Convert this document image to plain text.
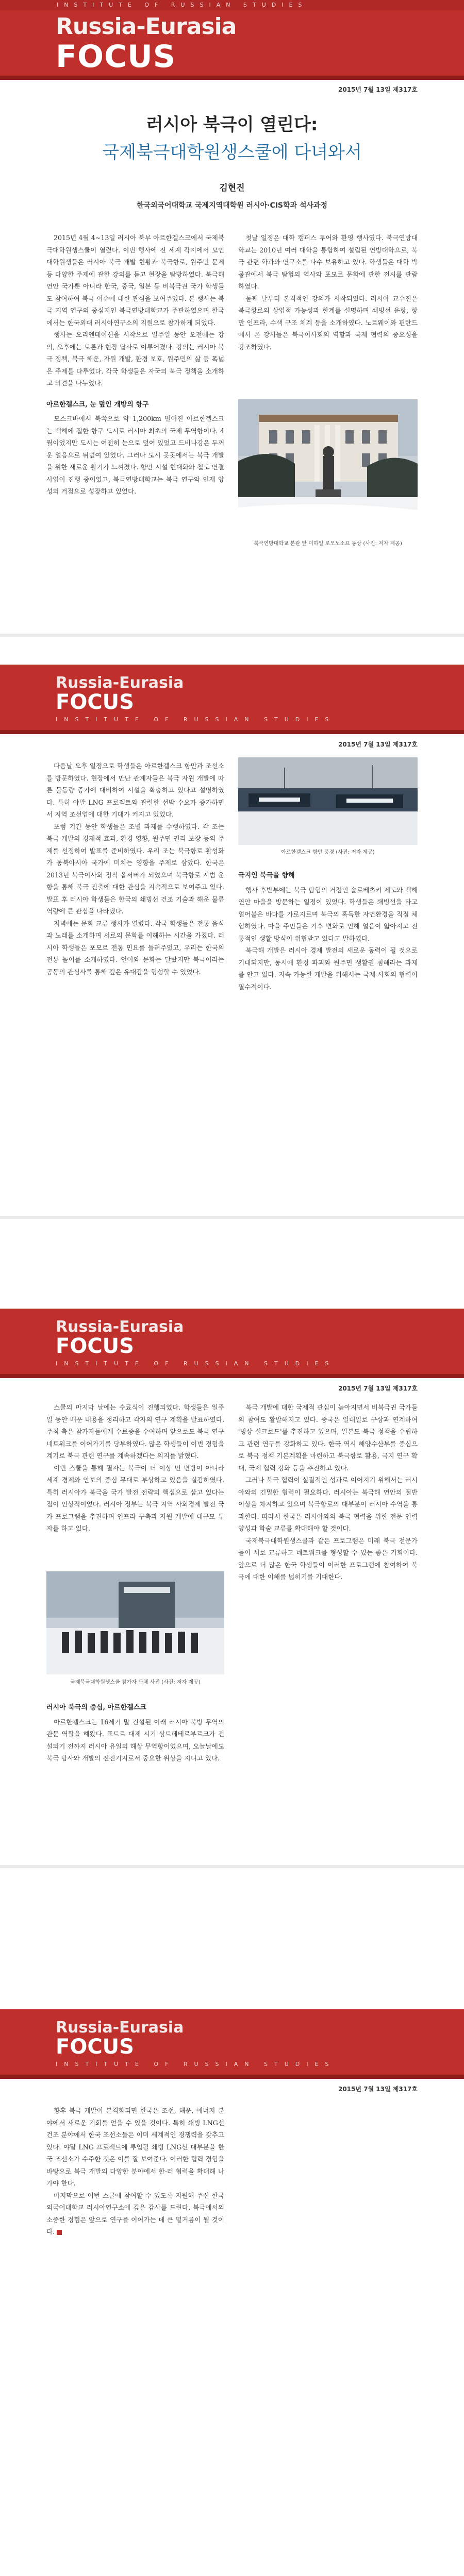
INSTITUTE OF RUSSIAN STUDIES
Russia-Eurasia
FOCUS
2015년 7월 13일 제317호
러시아 북극이 열린다:
국제북극대학원생스쿨에 다녀와서
김현진
한국외국어대학교 국제지역대학원 러시아·CIS학과 석사과정

2015년 4월 4~13일 러시아 북부 아르한겔스크에서 국제북극대학원생스쿨이 열렸다. 이번 행사에 전 세계 각지에서 모인 대학원생들은 러시아 북극 개발 현황과 북극항로, 원주민 문제 등 다양한 주제에 관한 강의를 듣고 현장을 탐방하였다. 북극해 연안 국가뿐 아니라 한국, 중국, 일본 등 비북극권 국가 학생들도 참여하여 북극 이슈에 대한 관심을 보여주었다. 본 행사는 북극 지역 연구의 중심지인 북극연방대학교가 주관하였으며 한국에서는 한국외대 러시아연구소의 지원으로 참가하게 되었다.

행사는 오리엔테이션을 시작으로 일주일 동안 오전에는 강의, 오후에는 토론과 현장 답사로 이루어졌다. 강의는 러시아 북극 정책, 북극 해운, 자원 개발, 환경 보호, 원주민의 삶 등 폭넓은 주제를 다루었다. 각국 학생들은 자국의 북극 정책을 소개하고 의견을 나누었다.

아르한겔스크, 눈 덮인 개방의 항구

모스크바에서 북쪽으로 약 1,200km 떨어진 아르한겔스크는 백해에 접한 항구 도시로 러시아 최초의 국제 무역항이다. 4월이었지만 도시는 여전히 눈으로 덮여 있었고 드비나강은 두꺼운 얼음으로 뒤덮여 있었다. 그러나 도시 곳곳에서는 북극 개발을 위한 새로운 활기가 느껴졌다. 항만 시설 현대화와 철도 연결 사업이 진행 중이었고, 북극연방대학교는 북극 연구와 인재 양성의 거점으로 성장하고 있었다.

첫날 일정은 대학 캠퍼스 투어와 환영 행사였다. 북극연방대학교는 2010년 여러 대학을 통합하여 설립된 연방대학으로, 북극 관련 학과와 연구소를 다수 보유하고 있다. 학생들은 대학 박물관에서 북극 탐험의 역사와 포모르 문화에 관한 전시를 관람하였다.

둘째 날부터 본격적인 강의가 시작되었다. 러시아 교수진은 북극항로의 상업적 가능성과 한계를 설명하며 쇄빙선 운항, 항만 인프라, 수색 구조 체계 등을 소개하였다. 노르웨이와 핀란드에서 온 강사들은 북극이사회의 역할과 국제 협력의 중요성을 강조하였다.

북극연방대학교 본관 앞 미하일 로모노소프 동상 (사진: 저자 제공)
Russia-Eurasia
FOCUS
INSTITUTE OF RUSSIAN STUDIES
2015년 7월 13일 제317호

다음날 오후 일정으로 학생들은 아르한겔스크 항만과 조선소를 방문하였다. 현장에서 만난 관계자들은 북극 자원 개발에 따른 물동량 증가에 대비하여 시설을 확충하고 있다고 설명하였다. 특히 야말 LNG 프로젝트와 관련한 선박 수요가 증가하면서 지역 조선업에 대한 기대가 커지고 있었다.

포럼 기간 동안 학생들은 조별 과제를 수행하였다. 각 조는 북극 개발의 경제적 효과, 환경 영향, 원주민 권리 보장 등의 주제를 선정하여 발표를 준비하였다. 우리 조는 북극항로 활성화가 동북아시아 국가에 미치는 영향을 주제로 삼았다. 한국은 2013년 북극이사회 정식 옵서버가 되었으며 북극항로 시범 운항을 통해 북극 진출에 대한 관심을 지속적으로 보여주고 있다. 발표 후 러시아 학생들은 한국의 쇄빙선 건조 기술과 해운 물류 역량에 큰 관심을 나타냈다.

저녁에는 문화 교류 행사가 열렸다. 각국 학생들은 전통 음식과 노래를 소개하며 서로의 문화를 이해하는 시간을 가졌다. 러시아 학생들은 포모르 전통 민요를 들려주었고, 우리는 한국의 전통 놀이를 소개하였다. 언어와 문화는 달랐지만 북극이라는 공동의 관심사를 통해 깊은 유대감을 형성할 수 있었다.

아르한겔스크 항만 풍경 (사진: 저자 제공)
극지인 북극을 향해

행사 후반부에는 북극 탐험의 거점인 솔로베츠키 제도와 백해 연안 마을을 방문하는 일정이 있었다. 학생들은 쇄빙선을 타고 얼어붙은 바다를 가로지르며 북극의 혹독한 자연환경을 직접 체험하였다. 마을 주민들은 기후 변화로 인해 얼음이 얇아지고 전통적인 생활 방식이 위협받고 있다고 말하였다.

북극해 개발은 러시아 경제 발전의 새로운 동력이 될 것으로 기대되지만, 동시에 환경 파괴와 원주민 생활권 침해라는 과제를 안고 있다. 지속 가능한 개발을 위해서는 국제 사회의 협력이 필수적이다.

Russia-Eurasia
FOCUS
INSTITUTE OF RUSSIAN STUDIES
2015년 7월 13일 제317호

스쿨의 마지막 날에는 수료식이 진행되었다. 학생들은 일주일 동안 배운 내용을 정리하고 각자의 연구 계획을 발표하였다. 주최 측은 참가자들에게 수료증을 수여하며 앞으로도 북극 연구 네트워크를 이어가기를 당부하였다. 많은 학생들이 이번 경험을 계기로 북극 관련 연구를 계속하겠다는 의지를 밝혔다.

이번 스쿨을 통해 필자는 북극이 더 이상 먼 변방이 아니라 세계 경제와 안보의 중심 무대로 부상하고 있음을 실감하였다. 특히 러시아가 북극을 국가 발전 전략의 핵심으로 삼고 있다는 점이 인상적이었다. 러시아 정부는 북극 지역 사회경제 발전 국가 프로그램을 추진하며 인프라 구축과 자원 개발에 대규모 투자를 하고 있다.

국제북극대학원생스쿨 참가자 단체 사진 (사진: 저자 제공)
러시아 북극의 중심, 아르한겔스크

아르한겔스크는 16세기 말 건설된 이래 러시아 북방 무역의 관문 역할을 해왔다. 표트르 대제 시기 상트페테르부르크가 건설되기 전까지 러시아 유일의 해상 무역항이었으며, 오늘날에도 북극 탐사와 개발의 전진기지로서 중요한 위상을 지니고 있다.

북극 개발에 대한 국제적 관심이 높아지면서 비북극권 국가들의 참여도 활발해지고 있다. 중국은 일대일로 구상과 연계하여 '빙상 실크로드'를 추진하고 있으며, 일본도 북극 정책을 수립하고 관련 연구를 강화하고 있다. 한국 역시 해양수산부를 중심으로 북극 정책 기본계획을 마련하고 북극항로 활용, 극지 연구 확대, 국제 협력 강화 등을 추진하고 있다.

그러나 북극 협력이 실질적인 성과로 이어지기 위해서는 러시아와의 긴밀한 협력이 필요하다. 러시아는 북극해 연안의 절반 이상을 차지하고 있으며 북극항로의 대부분이 러시아 수역을 통과한다. 따라서 한국은 러시아와의 북극 협력을 위한 전문 인력 양성과 학술 교류를 확대해야 할 것이다.

국제북극대학원생스쿨과 같은 프로그램은 미래 북극 전문가들이 서로 교류하고 네트워크를 형성할 수 있는 좋은 기회이다. 앞으로 더 많은 한국 학생들이 이러한 프로그램에 참여하여 북극에 대한 이해를 넓히기를 기대한다.

Russia-Eurasia
FOCUS
INSTITUTE OF RUSSIAN STUDIES
2015년 7월 13일 제317호

향후 북극 개발이 본격화되면 한국은 조선, 해운, 에너지 분야에서 새로운 기회를 얻을 수 있을 것이다. 특히 쇄빙 LNG선 건조 분야에서 한국 조선소들은 이미 세계적인 경쟁력을 갖추고 있다. 야말 LNG 프로젝트에 투입될 쇄빙 LNG선 대부분을 한국 조선소가 수주한 것은 이를 잘 보여준다. 이러한 협력 경험을 바탕으로 북극 개발의 다양한 분야에서 한·러 협력을 확대해 나가야 한다.

마지막으로 이번 스쿨에 참여할 수 있도록 지원해 주신 한국외국어대학교 러시아연구소에 깊은 감사를 드린다. 북극에서의 소중한 경험은 앞으로 연구를 이어가는 데 큰 밑거름이 될 것이다.
